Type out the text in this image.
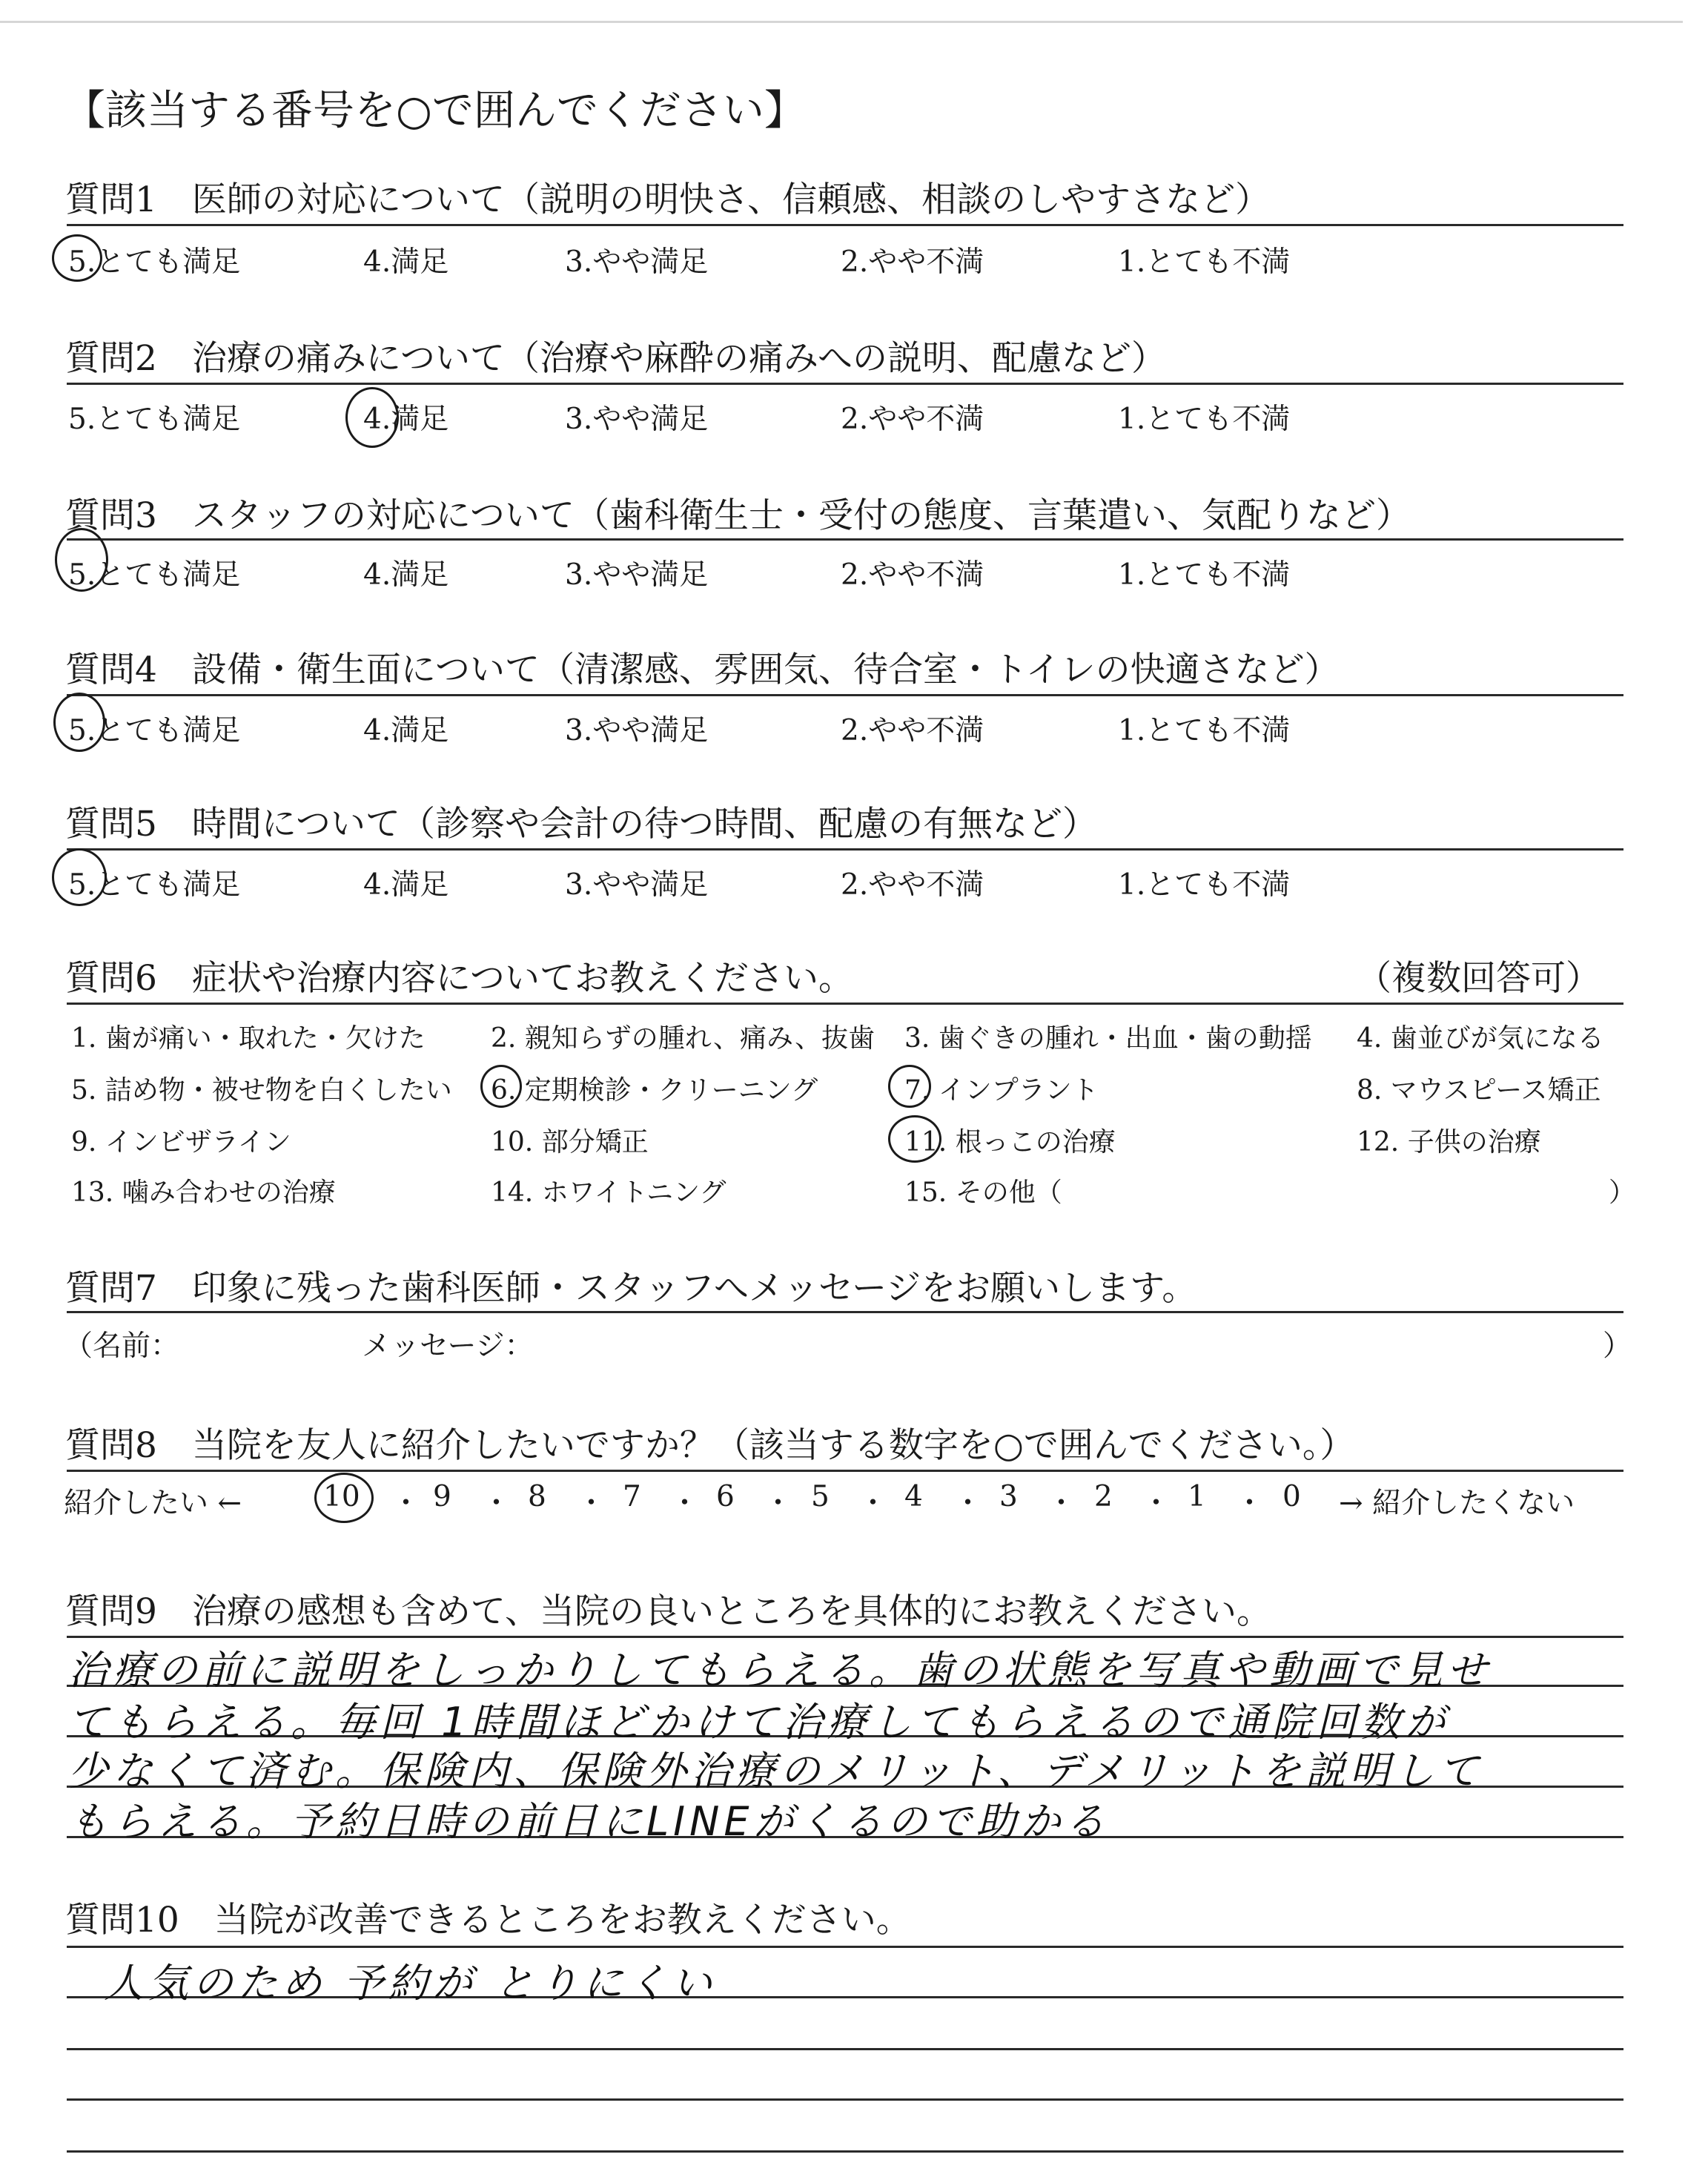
【該当する番号を○で囲んでください】
質問1　医師の対応について（説明の明快さ、信頼感、相談のしやすさなど）
5.とても満足	4.満足	3.やや満足	2.やや不満	1.とても不満
質問2　治療の痛みについて（治療や麻酔の痛みへの説明、配慮など）
5.とても満足	4.満足	3.やや満足	2.やや不満	1.とても不満
質問3　スタッフの対応について（歯科衛生士・受付の態度、言葉遣い、気配りなど）
5.とても満足	4.満足	3.やや満足	2.やや不満	1.とても不満
質問4　設備・衛生面について（清潔感、雰囲気、待合室・トイレの快適さなど）
5.とても満足	4.満足	3.やや満足	2.やや不満	1.とても不満
質問5　時間について（診察や会計の待つ時間、配慮の有無など）
5.とても満足	4.満足	3.やや満足	2.やや不満	1.とても不満
質問6　症状や治療内容についてお教えください。	（複数回答可）
1. 歯が痛い・取れた・欠けた 2. 親知らずの腫れ、痛み、抜歯 3. 歯ぐきの腫れ・出血・歯の動揺 4. 歯並びが気になる
5. 詰め物・被せ物を白くしたい 6. 定期検診・クリーニング	7. インプラント	8. マウスピース矯正
9. インビザライン	10. 部分矯正	11. 根っこの治療	12. 子供の治療
13. 噛み合わせの治療	14. ホワイトニング	15. その他（	）
質問7　印象に残った歯科医師・スタッフへメッセージをお願いします。
（名前：	メッセージ：	）
質問8　当院を友人に紹介したいですか？（該当する数字を○で囲んでください。）
紹介したい ←	10 ・ 9 ・ 8 ・ 7 ・ 6 ・ 5 ・ 4 ・ 3 ・ 2 ・ 1 ・ 0 → 紹介したくない
質問9　治療の感想も含めて、当院の良いところを具体的にお教えください。
治療の前に説明をしっかりしてもらえる。歯の状態を写真や動画で見せ
てもらえる。毎回 1時間ほどかけて治療してもらえるので通院回数が
少なくて済む。保険内、保険外治療のメリット、デメリットを説明して
もらえる。予約日時の前日にLINEがくるので助かる
質問10　当院が改善できるところをお教えください。
人気のため 予約が とりにくい
